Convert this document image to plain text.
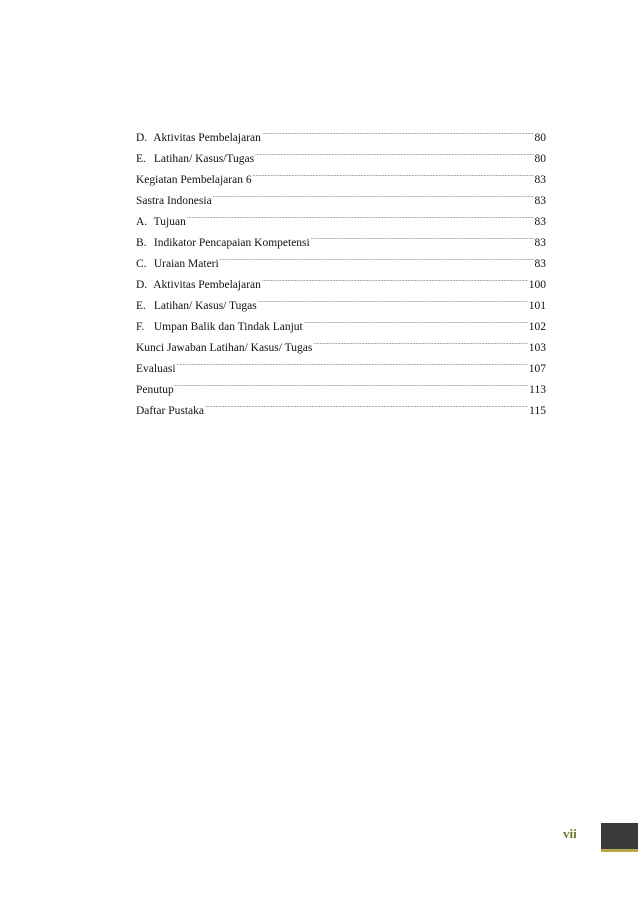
D. Aktivitas Pembelajaran .....	80
E. Latihan/ Kasus/Tugas .....	80
Kegiatan Pembelajaran 6 .....	83
Sastra Indonesia .....	83
A. Tujuan .....	83
B. Indikator Pencapaian Kompetensi .....	83
C. Uraian Materi .....	83
D. Aktivitas Pembelajaran .....	100
E. Latihan/ Kasus/ Tugas .....	101
F. Umpan Balik dan Tindak Lanjut .....	102
Kunci Jawaban Latihan/ Kasus/ Tugas .....	103
Evaluasi .....	107
Penutup .....	113
Daftar Pustaka .....	115
vii
